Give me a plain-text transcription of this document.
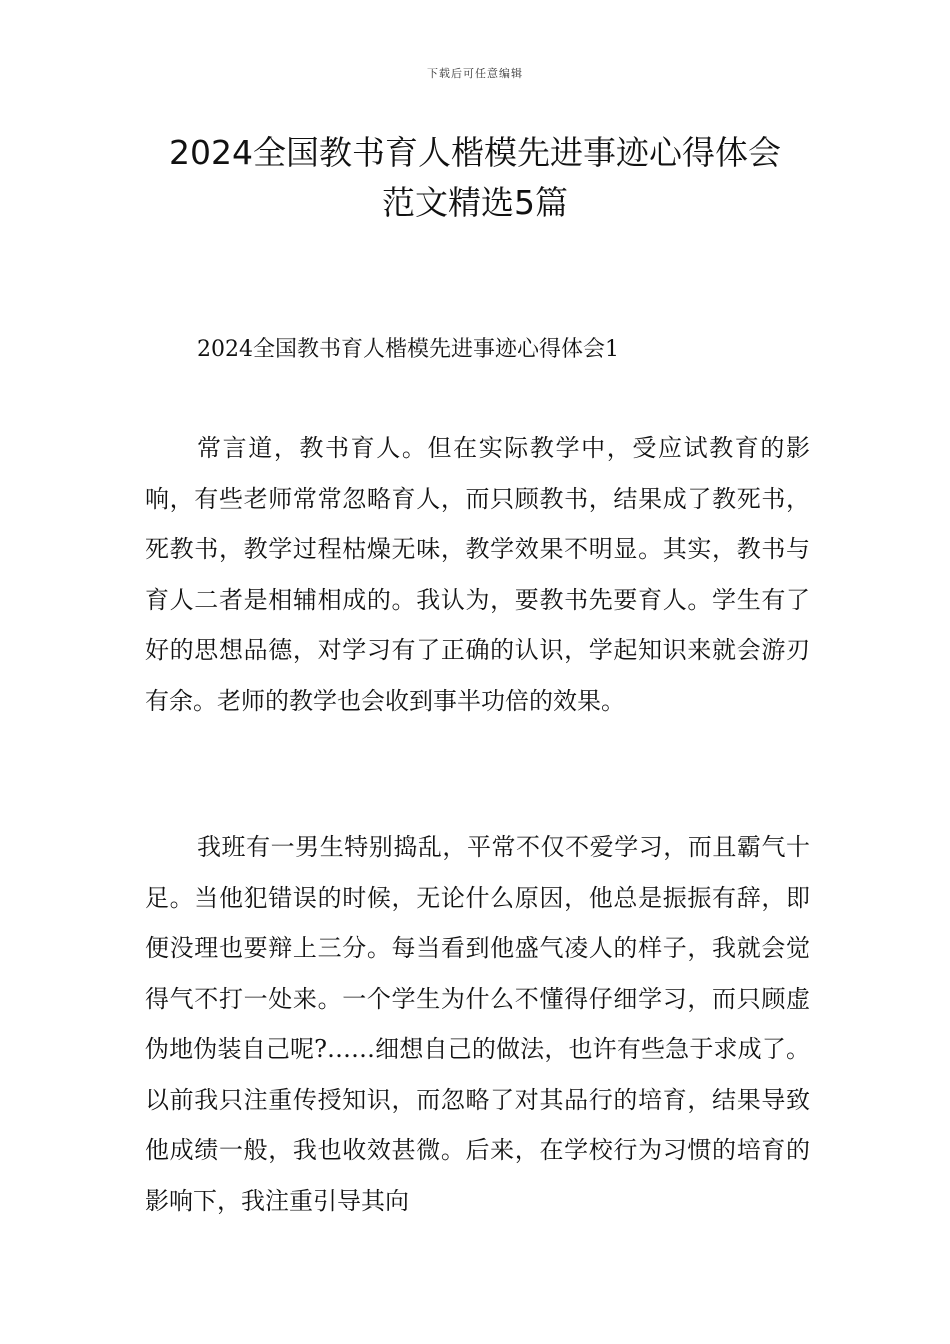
下载后可任意编辑
2024全国教书育人楷模先进事迹心得体会
范文精选5篇
2024全国教书育人楷模先进事迹心得体会1

常言道，教书育人。但在实际教学中，受应试教育的影响，有些老师常常忽略育人，而只顾教书，结果成了教死书，死教书，教学过程枯燥无味，教学效果不明显。其实，教书与育人二者是相辅相成的。我认为，要教书先要育人。学生有了好的思想品德，对学习有了正确的认识，学起知识来就会游刃有余。老师的教学也会收到事半功倍的效果。

我班有一男生特别捣乱，平常不仅不爱学习，而且霸气十足。当他犯错误的时候，无论什么原因，他总是振振有辞，即便没理也要辩上三分。每当看到他盛气凌人的样子，我就会觉得气不打一处来。一个学生为什么不懂得仔细学习，而只顾虚伪地伪装自己呢?……细想自己的做法，也许有些急于求成了。以前我只注重传授知识，而忽略了对其品行的培育，结果导致他成绩一般，我也收效甚微。后来，在学校行为习惯的培育的影响下，我注重引导其向
